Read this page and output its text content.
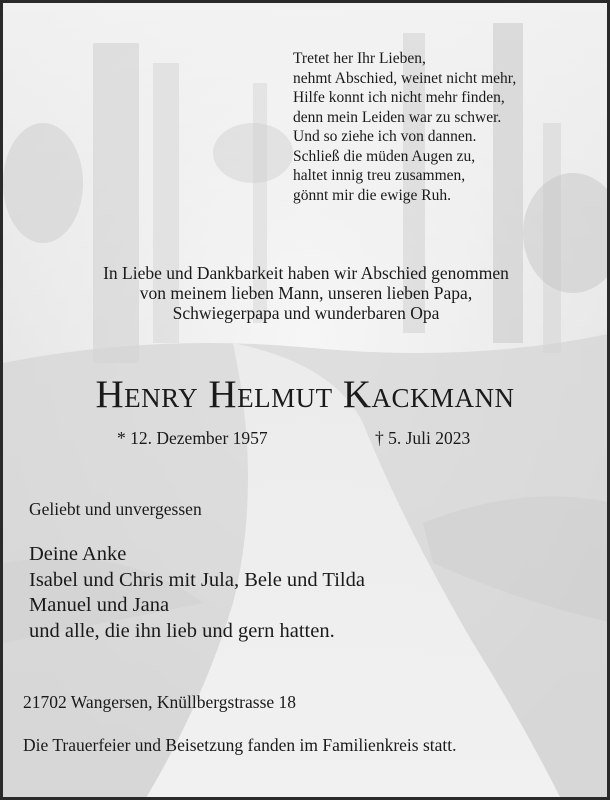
Tretet her Ihr Lieben,
nehmt Abschied, weinet nicht mehr,
Hilfe konnt ich nicht mehr finden,
denn mein Leiden war zu schwer.
Und so ziehe ich von dannen.
Schließ die müden Augen zu,
haltet innig treu zusammen,
gönnt mir die ewige Ruh.
In Liebe und Dankbarkeit haben wir Abschied genommen
von meinem lieben Mann, unseren lieben Papa,
Schwiegerpapa und wunderbaren Opa
Henry Helmut Kackmann
* 12. Dezember 1957	† 5. Juli 2023
Geliebt und unvergessen
Deine Anke
Isabel und Chris mit Jula, Bele und Tilda
Manuel und Jana
und alle, die ihn lieb und gern hatten.
21702 Wangersen, Knüllbergstrasse 18
Die Trauerfeier und Beisetzung fanden im Familienkreis statt.
